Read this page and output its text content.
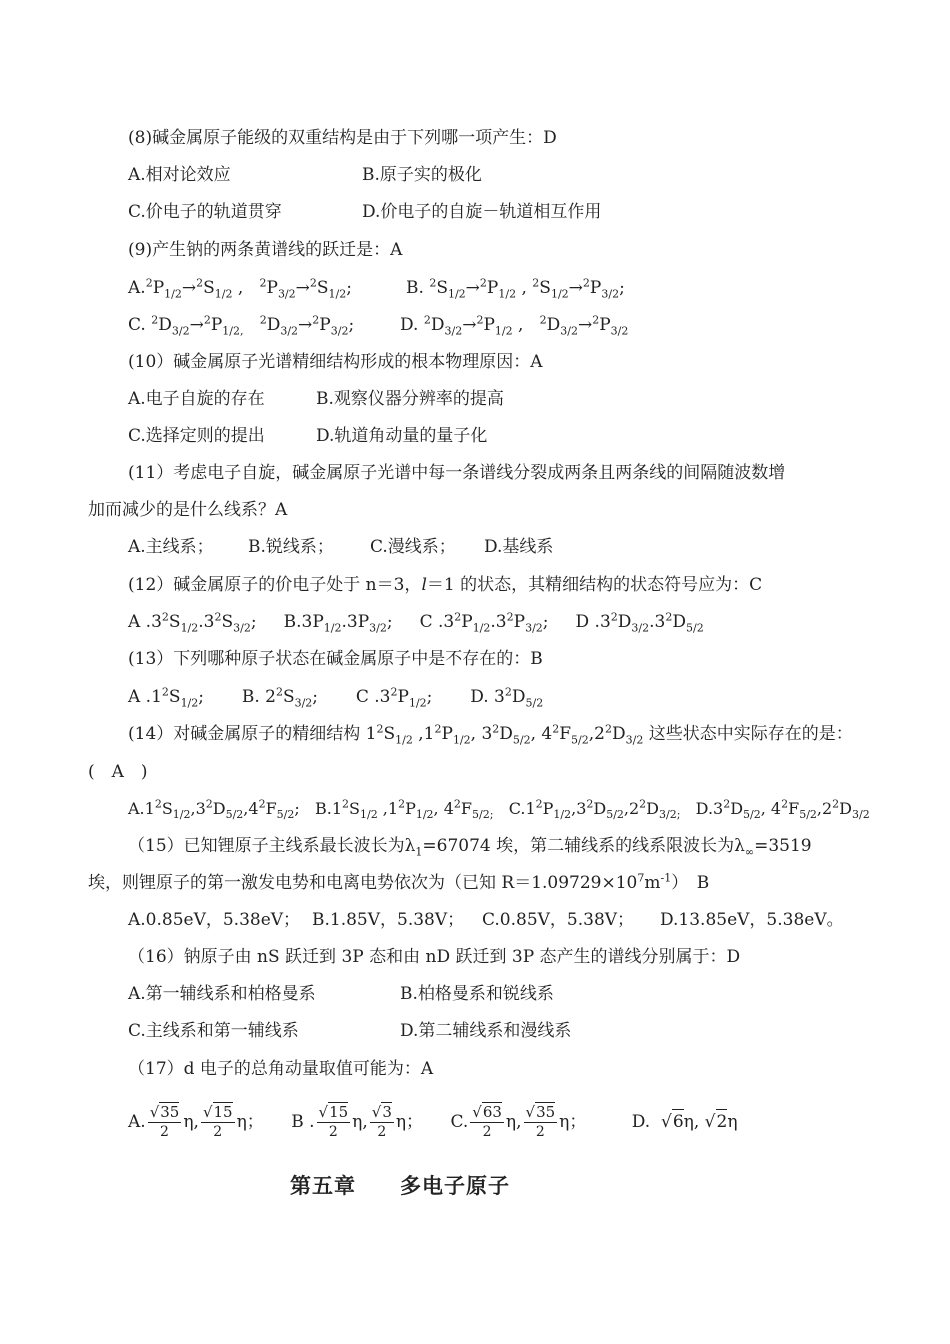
(8)碱金属原子能级的双重结构是由于下列哪一项产生：D
A.相对论效应	B.原子实的极化
C.价电子的轨道贯穿	D.价电子的自旋－轨道相互作用
(9)产生钠的两条黄谱线的跃迁是：A
$A.^2P_{1/2}\to^2S_{1/2}$ ,   $^2P_{3/2}\to^2S_{1/2}$;	B. $^2S_{1/2}\to^2P_{1/2}$ , $^2S_{1/2}\to^2P_{3/2}$;
C. $^2D_{3/2}\to^2P_{1/2,}$   $^2D_{3/2}\to^2P_{3/2}$;	D. $^2D_{3/2}\to^2P_{1/2}$ ,   $^2D_{3/2}\to^2P_{3/2}$
(10）碱金属原子光谱精细结构形成的根本物理原因：A
A.电子自旋的存在	B.观察仪器分辨率的提高
C.选择定则的提出	D.轨道角动量的量子化
(11）考虑电子自旋，碱金属原子光谱中每一条谱线分裂成两条且两条线的间隔随波数增
加而减少的是什么线系？A
A.主线系； B.锐线系； C.漫线系； D.基线系
(12）碱金属原子的价电子处于 n＝3，l＝1 的状态，其精细结构的状态符号应为：C
A $.3^2S_{1/2}.3^2S_{3/2}$;     $B.3P_{1/2}.3P_{3/2}$;     C $.3^2P_{1/2}.3^2P_{3/2}$;     D $.3^2D_{3/2}.3^2D_{5/2}$
(13）下列哪种原子状态在碱金属原子中是不存在的：B
A $.1^2S_{1/2}$;       B. $2^2S_{3/2}$;       C $.3^2P_{1/2}$;       D. $3^2D_{5/2}$
(14）对碱金属原子的精细结构 $1^2S_{1/2}$ $,1^2P_{1/2}$, $3^2D_{5/2}$, $4^2F_{5/2},2^2D_{3/2}$ 这些状态中实际存在的是：
(　A　)
$A.1^2S_{1/2},3^2D_{5/2},4^2F_{5/2}$;   $B.1^2S_{1/2}$ $,1^2P_{1/2}$, $4^2F_{5/2;}$   $C.1^2P_{1/2},3^2D_{5/2},2^2D_{3/2;}$   $D.3^2D_{5/2}$, $4^2F_{5/2},2^2D_{3/2}$
（15）已知锂原子主线系最长波长为$\lambda_1=67074$ 埃，第二辅线系的线系限波长为$\lambda_\infty=3519$
埃，则锂原子的第一激发电势和电离电势依次为（已知 $R=1.09729\times 10^7m^{-1}$）　B
A.0.85eV，5.38eV； B.1.85V，5.38V； C.0.85V，5.38V； D.13.85eV，5.38eV。
（16）钠原子由 nS 跃迁到 3P 态和由 nD 跃迁到 3P 态产生的谱线分别属于：D
A.第一辅线系和柏格曼系	B.柏格曼系和锐线系
C.主线系和第一辅线系	D.第二辅线系和漫线系
（17）d 电子的总角动量取值可能为：A
A. $\frac{√35}{2} \eta$, $\frac{√15}{2}$ η； B . $\frac{√15}{2} \eta$, $\frac{√3}{2}$ η； C. $\frac{√63}{2} \eta$, $\frac{√35}{2}$ η；	D.  √ 6 η, √ 2 η
第五章　　多电子原子
